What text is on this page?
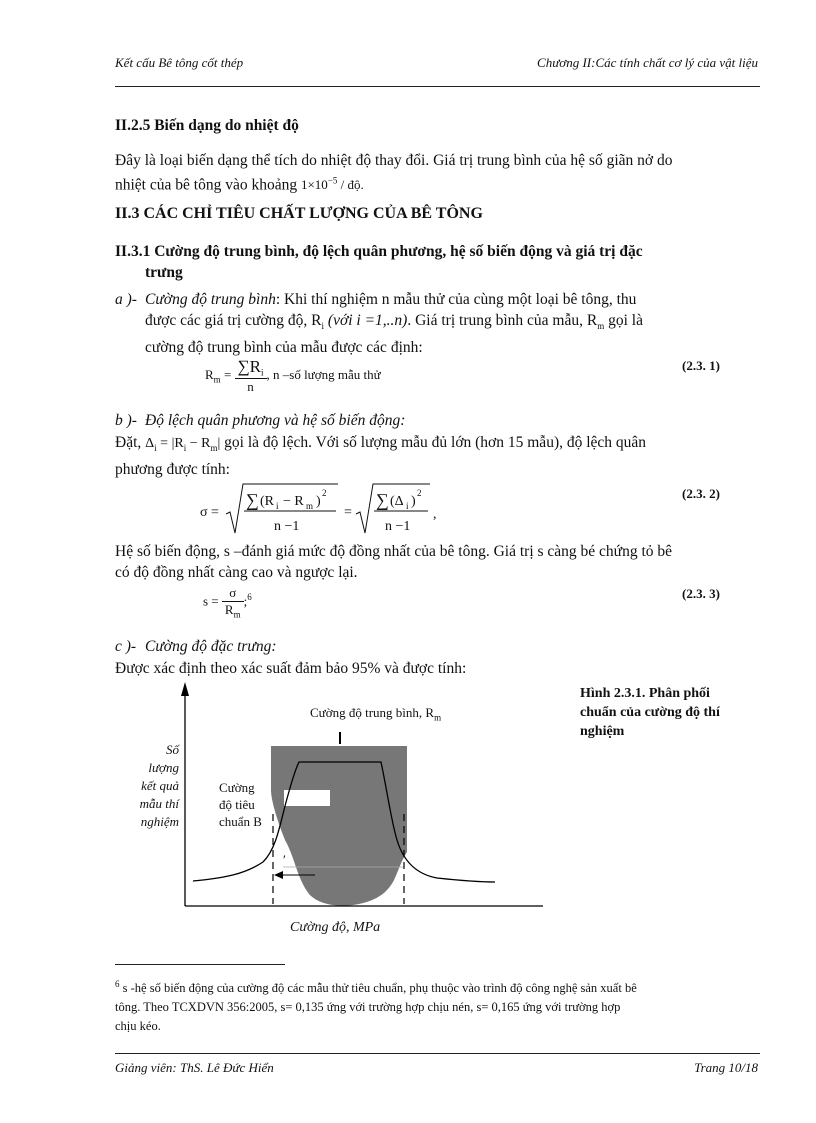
Kết cấu Bê tông cốt thép	Chương II:Các tính chất cơ lý của vật liệu
II.2.5 Biến dạng do nhiệt độ
Đây là loại biến dạng thể tích do nhiệt độ thay đổi. Giá trị trung bình của hệ số giãn nở do
nhiệt của bê tông vào khoảng $1\times 10^{-5}$ / độ.
II.3 CÁC CHỈ TIÊU CHẤT LƯỢNG CỦA BÊ TÔNG
II.3.1 Cường độ trung bình, độ lệch quân phương, hệ số biến động và giá trị đặc
trưng
a )- Cường độ trung bình: Khi thí nghiệm n mẫu thử của cùng một loại bê tông, thu
được các giá trị cường độ, $R_i$ (với i =1,..n). Giá trị trung bình của mẫu, $R_m$ gọi là
cường độ trung bình của mẫu được các định:
$R_m = \frac{\sum R_i}{n}$ , n –số lượng mẫu thử
(2.3. 1)
b )- Độ lệch quân phương và hệ số biến động:
Đặt, $\Delta_i = |R_i - R_m|$ gọi là độ lệch. Với số lượng mẫu đủ lớn (hơn 15 mẫu), độ lệch quân
phương được tính:
σ =
∑ (R i − R m )
2
n −1
=
∑ (Δ i )
2
n −1
,
(2.3. 2)
Hệ số biến động, s –đánh giá mức độ đồng nhất của bê tông. Giá trị s càng bé chứng tỏ bê
có độ đồng nhất càng cao và ngược lại.
$s = \frac{\sigma}{R_m}$ ;$^6$	(2.3. 3)
c )- Cường độ đặc trưng:
Được xác định theo xác suất đảm bảo 95% và được tính:
Hình 2.3.1. Phân phối
chuẩn của cường độ thí
nghiệm
ʹ
Cường độ trung bình, $R_m$
Số
lượng
kết quả
mẫu thí
nghiệm
Cường
độ tiêu
chuẩn B
Cường độ, MPa
$^6$ s -hệ số biến động của cường độ các mẫu thử tiêu chuẩn, phụ thuộc vào trình độ công nghệ sản xuất bê
tông. Theo TCXDVN 356:2005, s= 0,135 ứng với trường hợp chịu nén, s= 0,165 ứng với trường hợp
chịu kéo.
Giảng viên: ThS. Lê Đức Hiển	Trang 10/18
